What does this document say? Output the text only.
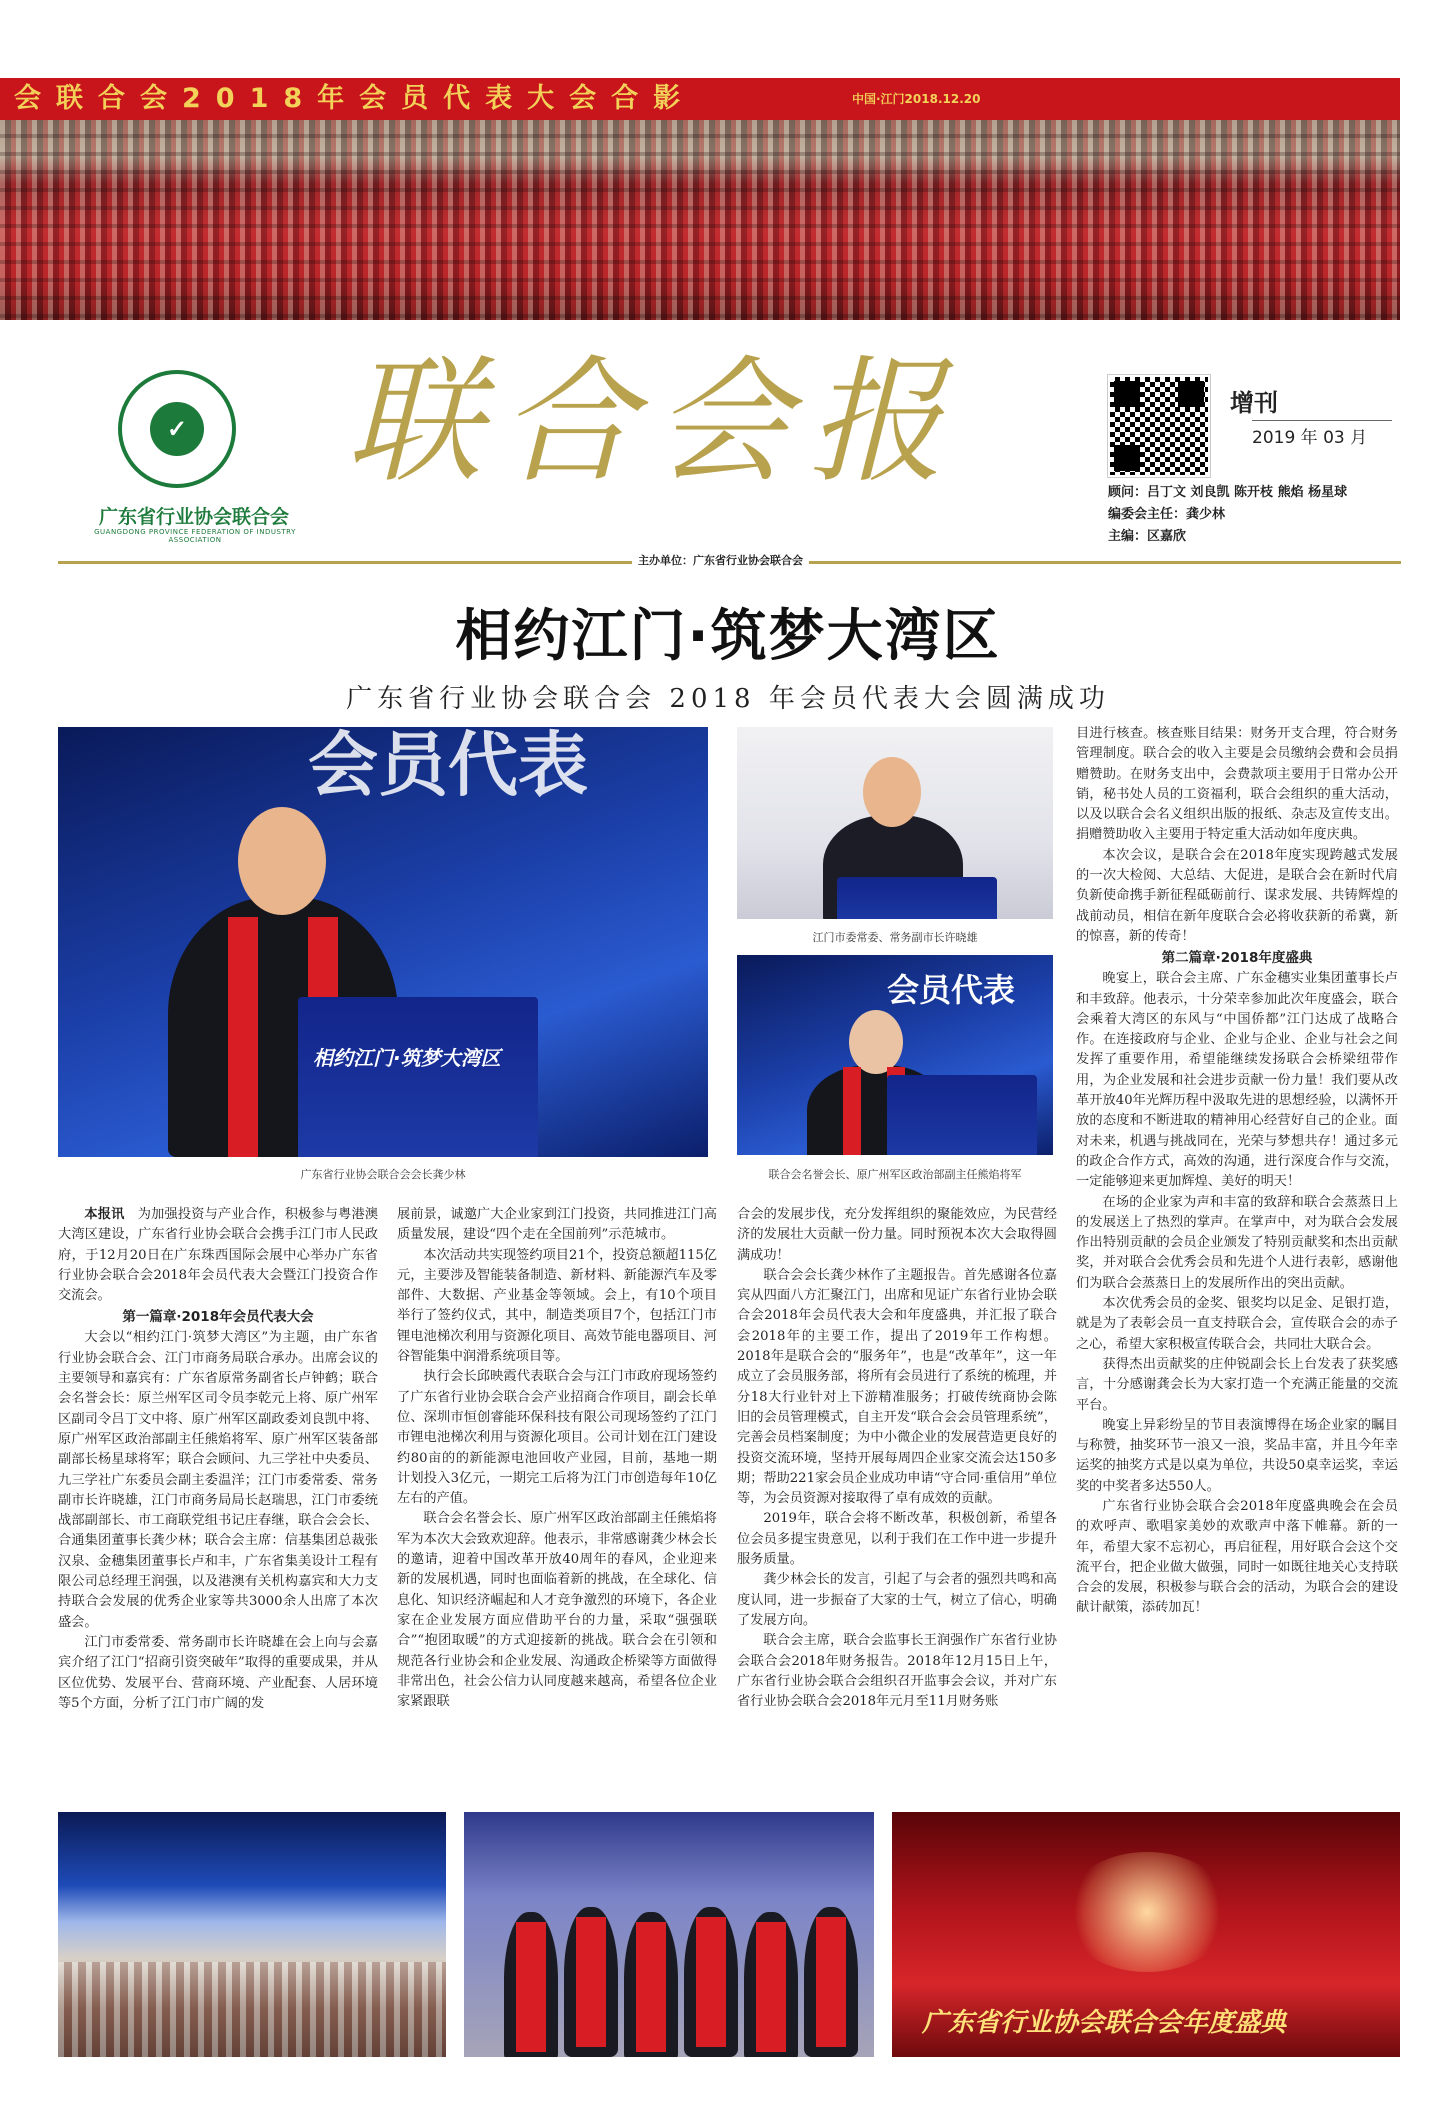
会联合会2018年会员代表大会合影	中国·江门2018.12.20
✓
广东省行业协会联合会
GUANGDONG PROVINCE FEDERATION OF INDUSTRY ASSOCIATION
联合会报	增刊
2019 年 03 月
顾问：吕丁文 刘良凯 陈开枝 熊焰 杨星球
编委会主任：龚少林
主编：区嘉欣
主办单位：广东省行业协会联合会
相约江门·筑梦大湾区
广东省行业协会联合会 2018 年会员代表大会圆满成功
会员代表
相约江门·筑梦大湾区
广东省行业协会联合会会长龚少林
江门市委常委、常务副市长许晓雄
会员代表
联合会名誉会长、原广州军区政治部副主任熊焰将军

本报讯  为加强投资与产业合作，积极参与粤港澳大湾区建设，广东省行业协会联合会携手江门市人民政府，于12月20日在广东珠西国际会展中心举办广东省行业协会联合会2018年会员代表大会暨江门投资合作交流会。

第一篇章·2018年会员代表大会

大会以“相约江门·筑梦大湾区”为主题，由广东省行业协会联合会、江门市商务局联合承办。出席会议的主要领导和嘉宾有：广东省原常务副省长卢钟鹤；联合会名誉会长：原兰州军区司令员李乾元上将、原广州军区副司令吕丁文中将、原广州军区副政委刘良凯中将、原广州军区政治部副主任熊焰将军、原广州军区装备部副部长杨星球将军；联合会顾问、九三学社中央委员、九三学社广东委员会副主委温洋；江门市委常委、常务副市长许晓雄，江门市商务局局长赵瑞思，江门市委统战部副部长、市工商联党组书记庄春继，联合会会长、合通集团董事长龚少林；联合会主席：信基集团总裁张汉泉、金穗集团董事长卢和丰，广东省集美设计工程有限公司总经理王润强，以及港澳有关机构嘉宾和大力支持联合会发展的优秀企业家等共3000余人出席了本次盛会。

江门市委常委、常务副市长许晓雄在会上向与会嘉宾介绍了江门“招商引资突破年”取得的重要成果，并从区位优势、发展平台、营商环境、产业配套、人居环境等5个方面，分析了江门市广阔的发

展前景，诚邀广大企业家到江门投资，共同推进江门高质量发展，建设“四个走在全国前列”示范城市。

本次活动共实现签约项目21个，投资总额超115亿元，主要涉及智能装备制造、新材料、新能源汽车及零部件、大数据、产业基金等领域。会上，有10个项目举行了签约仪式，其中，制造类项目7个，包括江门市锂电池梯次利用与资源化项目、高效节能电器项目、河谷智能集中润滑系统项目等。

执行会长邱映霞代表联合会与江门市政府现场签约了广东省行业协会联合会产业招商合作项目，副会长单位、深圳市恒创睿能环保科技有限公司现场签约了江门市锂电池梯次利用与资源化项目。公司计划在江门建设约80亩的的新能源电池回收产业园，目前，基地一期计划投入3亿元，一期完工后将为江门市创造每年10亿左右的产值。

联合会名誉会长、原广州军区政治部副主任熊焰将军为本次大会致欢迎辞。他表示，非常感谢龚少林会长的邀请，迎着中国改革开放40周年的春风，企业迎来新的发展机遇，同时也面临着新的挑战，在全球化、信息化、知识经济崛起和人才竞争激烈的环境下，各企业家在企业发展方面应借助平台的力量，采取“强强联合”“抱团取暖”的方式迎接新的挑战。联合会在引领和规范各行业协会和企业发展、沟通政企桥梁等方面做得非常出色，社会公信力认同度越来越高，希望各位企业家紧跟联

合会的发展步伐，充分发挥组织的聚能效应，为民营经济的发展壮大贡献一份力量。同时预祝本次大会取得圆满成功！

联合会会长龚少林作了主题报告。首先感谢各位嘉宾从四面八方汇聚江门，出席和见证广东省行业协会联合会2018年会员代表大会和年度盛典，并汇报了联合会2018年的主要工作，提出了2019年工作构想。2018年是联合会的“服务年”，也是“改革年”，这一年成立了会员服务部，将所有会员进行了系统的梳理，并分18大行业针对上下游精准服务；打破传统商协会陈旧的会员管理模式，自主开发“联合会会员管理系统”，完善会员档案制度；为中小微企业的发展营造更良好的投资交流环境，坚持开展每周四企业家交流会达150多期；帮助221家会员企业成功申请“守合同·重信用”单位等，为会员资源对接取得了卓有成效的贡献。

2019年，联合会将不断改革，积极创新，希望各位会员多提宝贵意见，以利于我们在工作中进一步提升服务质量。

龚少林会长的发言，引起了与会者的强烈共鸣和高度认同，进一步振奋了大家的士气，树立了信心，明确了发展方向。

联合会主席，联合会监事长王润强作广东省行业协会联合会2018年财务报告。2018年12月15日上午，广东省行业协会联合会组织召开监事会会议，并对广东省行业协会联合会2018年元月至11月财务账

目进行核查。核查账目结果：财务开支合理，符合财务管理制度。联合会的收入主要是会员缴纳会费和会员捐赠赞助。在财务支出中，会费款项主要用于日常办公开销，秘书处人员的工资福利，联合会组织的重大活动，以及以联合会名义组织出版的报纸、杂志及宣传支出。捐赠赞助收入主要用于特定重大活动如年度庆典。

本次会议，是联合会在2018年度实现跨越式发展的一次大检阅、大总结、大促进，是联合会在新时代肩负新使命携手新征程砥砺前行、谋求发展、共铸辉煌的战前动员，相信在新年度联合会必将收获新的希冀，新的惊喜，新的传奇！

第二篇章·2018年度盛典

晚宴上，联合会主席、广东金穗实业集团董事长卢和丰致辞。他表示，十分荣幸参加此次年度盛会，联合会乘着大湾区的东风与“中国侨都”江门达成了战略合作。在连接政府与企业、企业与企业、企业与社会之间发挥了重要作用，希望能继续发扬联合会桥梁纽带作用，为企业发展和社会进步贡献一份力量！我们要从改革开放40年光辉历程中汲取先进的思想经验，以满怀开放的态度和不断进取的精神用心经营好自己的企业。面对未来，机遇与挑战同在，光荣与梦想共存！通过多元的政企合作方式，高效的沟通，进行深度合作与交流，一定能够迎来更加辉煌、美好的明天！

在场的企业家为声和丰富的致辞和联合会蒸蒸日上的发展送上了热烈的掌声。在掌声中，对为联合会发展作出特别贡献的会员企业颁发了特别贡献奖和杰出贡献奖，并对联合会优秀会员和先进个人进行表彰，感谢他们为联合会蒸蒸日上的发展所作出的突出贡献。

本次优秀会员的金奖、银奖均以足金、足银打造，就是为了表彰会员一直支持联合会，宣传联合会的赤子之心，希望大家积极宣传联合会，共同壮大联合会。

获得杰出贡献奖的庄仲锐副会长上台发表了获奖感言，十分感谢龚会长为大家打造一个充满正能量的交流平台。

晚宴上异彩纷呈的节目表演博得在场企业家的瞩目与称赞，抽奖环节一浪又一浪，奖品丰富，并且今年幸运奖的抽奖方式是以桌为单位，共设50桌幸运奖，幸运奖的中奖者多达550人。

广东省行业协会联合会2018年度盛典晚会在会员的欢呼声、歌唱家美妙的欢歌声中落下帷幕。新的一年，希望大家不忘初心，再启征程，用好联合会这个交流平台，把企业做大做强，同时一如既往地关心支持联合会的发展，积极参与联合会的活动，为联合会的建设献计献策，添砖加瓦！

广东省行业协会联合会年度盛典
